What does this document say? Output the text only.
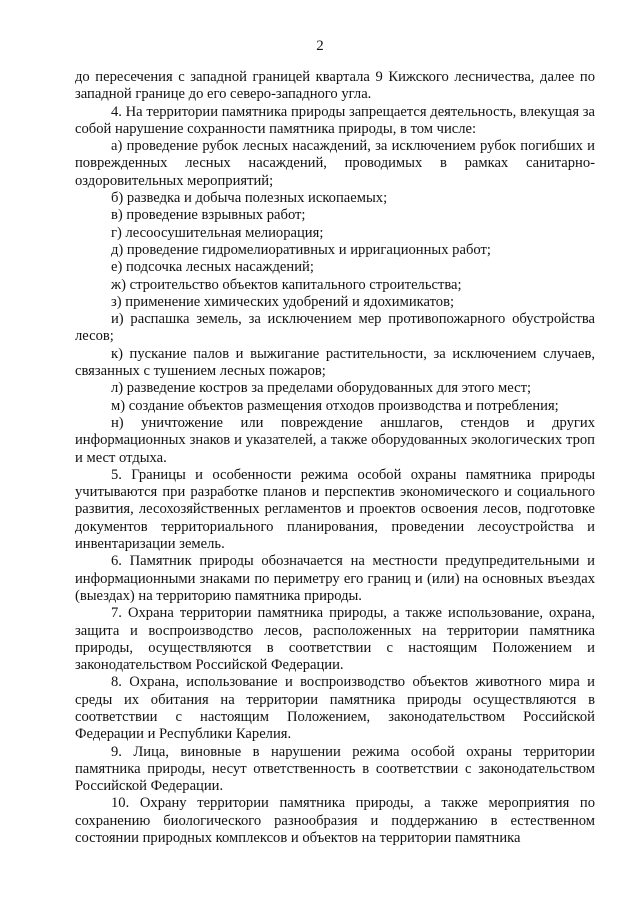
2

до пересечения с западной границей квартала 9 Кижского лесничества, далее по западной границе до его северо-западного угла.

4. На территории памятника природы запрещается деятельность, влекущая за собой нарушение сохранности памятника природы, в том числе:

а) проведение рубок лесных насаждений, за исключением рубок погибших и поврежденных лесных насаждений, проводимых в рамках санитарно-оздоровительных мероприятий;

б) разведка и добыча полезных ископаемых;

в) проведение взрывных работ;

г) лесоосушительная мелиорация;

д) проведение гидромелиоративных и ирригационных работ;

е) подсочка лесных насаждений;

ж) строительство объектов капитального строительства;

з) применение химических удобрений и ядохимикатов;

и) распашка земель, за исключением мер противопожарного обустройства лесов;

к) пускание палов и выжигание растительности, за исключением случаев, связанных с тушением лесных пожаров;

л) разведение костров за пределами оборудованных для этого мест;

м) создание объектов размещения отходов производства и потребления;

н) уничтожение или повреждение аншлагов, стендов и других информационных знаков и указателей, а также оборудованных экологических троп и мест отдыха.

5. Границы и особенности режима особой охраны памятника природы учитываются при разработке планов и перспектив экономического и социального развития, лесохозяйственных регламентов и проектов освоения лесов, подготовке документов территориального планирования, проведении лесоустройства и инвентаризации земель.

6. Памятник природы обозначается на местности предупредительными и информационными знаками по периметру его границ и (или) на основных въездах (выездах) на территорию памятника природы.

7. Охрана территории памятника природы, а также использование, охрана, защита и воспроизводство лесов, расположенных на территории памятника природы, осуществляются в соответствии с настоящим Положением и законодательством Российской Федерации.

8. Охрана, использование и воспроизводство объектов животного мира и среды их обитания на территории памятника природы осуществляются в соответствии с настоящим Положением, законодательством Российской Федерации и Республики Карелия.

9. Лица, виновные в нарушении режима особой охраны территории памятника природы, несут ответственность в соответствии с законодательством Российской Федерации.

10. Охрану территории памятника природы, а также мероприятия по сохранению биологического разнообразия и поддержанию в естественном состоянии природных комплексов и объектов на территории памятника
